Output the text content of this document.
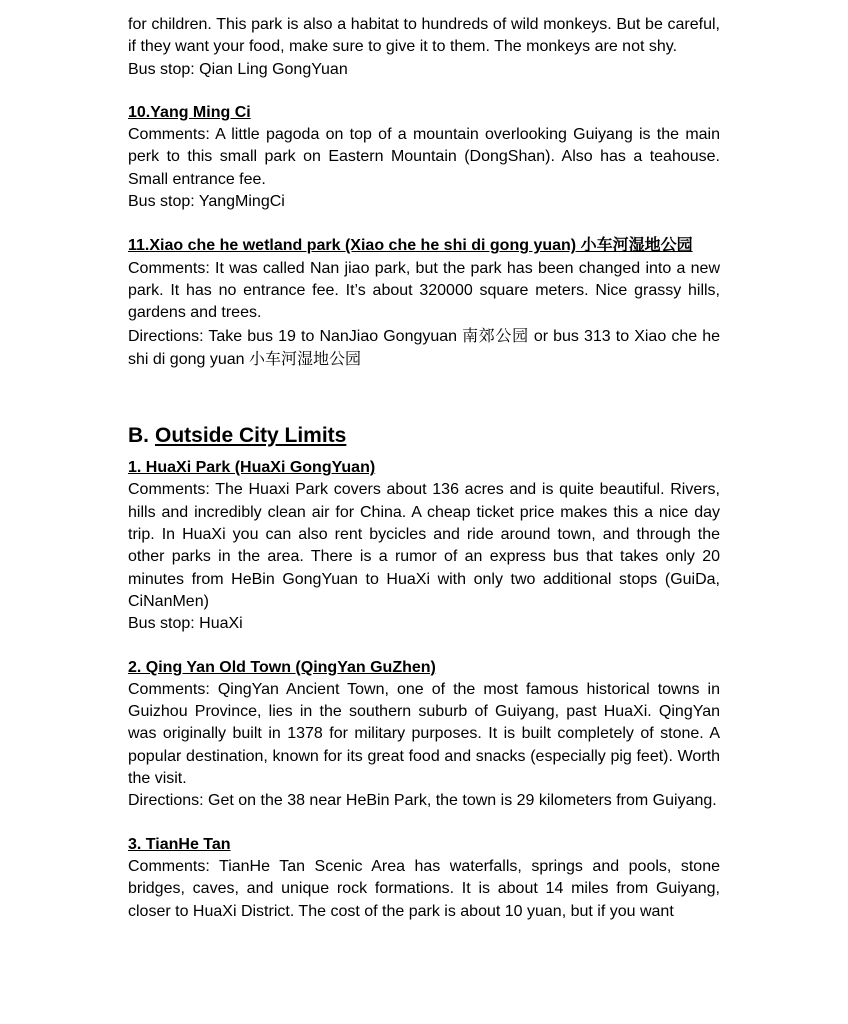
for children. This park is also a habitat to hundreds of wild monkeys. But be careful, if they want your food, make sure to give it to them. The monkeys are not shy.

Bus stop: Qian Ling GongYuan

10.Yang Ming Ci

Comments: A little pagoda on top of a mountain overlooking Guiyang is the main perk to this small park on Eastern Mountain (DongShan). Also has a teahouse. Small entrance fee.

Bus stop: YangMingCi

11.Xiao che he wetland park (Xiao che he shi di gong yuan) 小车河湿地公园

Comments: It was called Nan jiao park, but the park has been changed into a new park. It has no entrance fee. It’s about 320000 square meters. Nice grassy hills, gardens and trees.

Directions: Take bus 19 to NanJiao Gongyuan 南郊公园 or bus 313 to Xiao che he shi di gong yuan 小车河湿地公园

B. Outside City Limits

1. HuaXi Park (HuaXi GongYuan)

Comments: The Huaxi Park covers about 136 acres and is quite beautiful. Rivers, hills and incredibly clean air for China. A cheap ticket price makes this a nice day trip. In HuaXi you can also rent bycicles and ride around town, and through the other parks in the area. There is a rumor of an express bus that takes only 20 minutes from HeBin GongYuan to HuaXi with only two additional stops (GuiDa, CiNanMen)

Bus stop: HuaXi

2. Qing Yan Old Town (QingYan GuZhen)

Comments: QingYan Ancient Town, one of the most famous historical towns in Guizhou Province, lies in the southern suburb of Guiyang, past HuaXi. QingYan was originally built in 1378 for military purposes. It is built completely of stone. A popular destination, known for its great food and snacks (especially pig feet). Worth the visit.

Directions: Get on the 38 near HeBin Park, the town is 29 kilometers from Guiyang.

3. TianHe Tan

Comments: TianHe Tan Scenic Area has waterfalls, springs and pools, stone bridges, caves, and unique rock formations. It is about 14 miles from Guiyang, closer to HuaXi District. The cost of the park is about 10 yuan, but if you want
